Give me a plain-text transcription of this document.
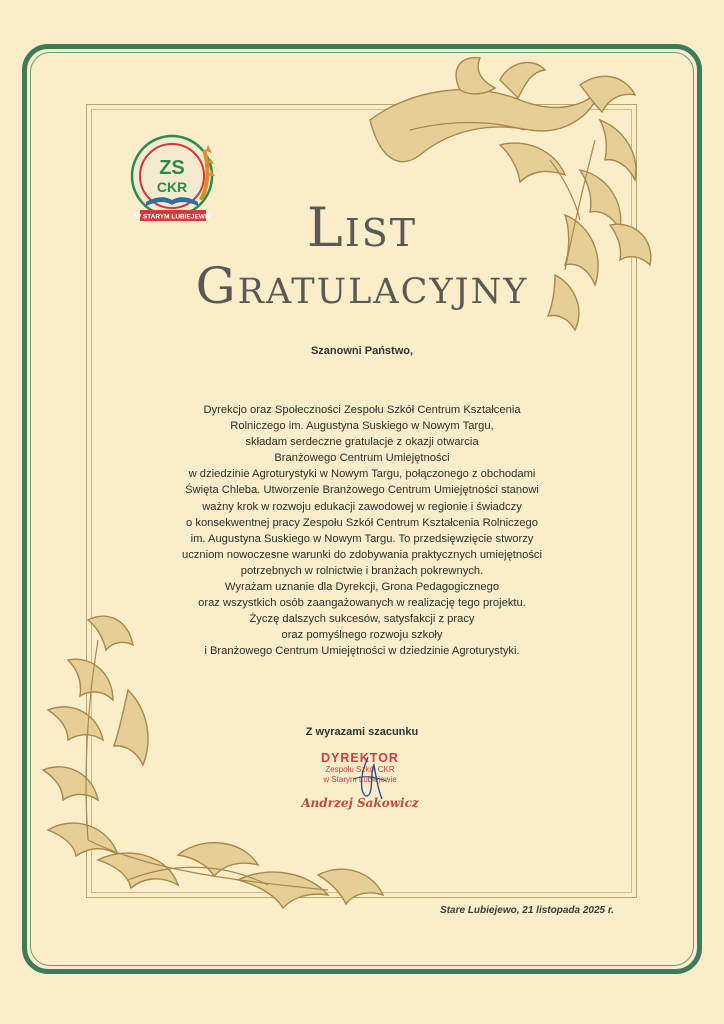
ZS
CKR
W STARYM LUBIEJEWIE	List
Gratulacyjny
Szanowni Państwo,
Dyrekcjo oraz Społeczności Zespołu Szkół Centrum Kształcenia
Rolniczego im. Augustyna Suskiego w Nowym Targu,
składam serdeczne gratulacje z okazji otwarcia
Branżowego Centrum Umiejętności
w dziedzinie Agroturystyki w Nowym Targu, połączonego z obchodami
Święta Chleba. Utworzenie Branżowego Centrum Umiejętności stanowi
ważny krok w rozwoju edukacji zawodowej w regionie i świadczy
o konsekwentnej pracy Zespołu Szkół Centrum Kształcenia Rolniczego
im. Augustyna Suskiego w Nowym Targu. To przedsięwzięcie stworzy
uczniom nowoczesne warunki do zdobywania praktycznych umiejętności
potrzebnych w rolnictwie i branżach pokrewnych.
Wyrażam uznanie dla Dyrekcji, Grona Pedagogicznego
oraz wszystkich osób zaangażowanych w realizację tego projektu.
Życzę dalszych sukcesów, satysfakcji z pracy
oraz pomyślnego rozwoju szkoły
i Branżowego Centrum Umiejętności w dziedzinie Agroturystyki.
Z wyrazami szacunku
DYREKTOR
Zespołu Szkół CKR
w Starym Lubiejewie
Andrzej Sakowicz
Stare Lubiejewo, 21 listopada 2025 r.
